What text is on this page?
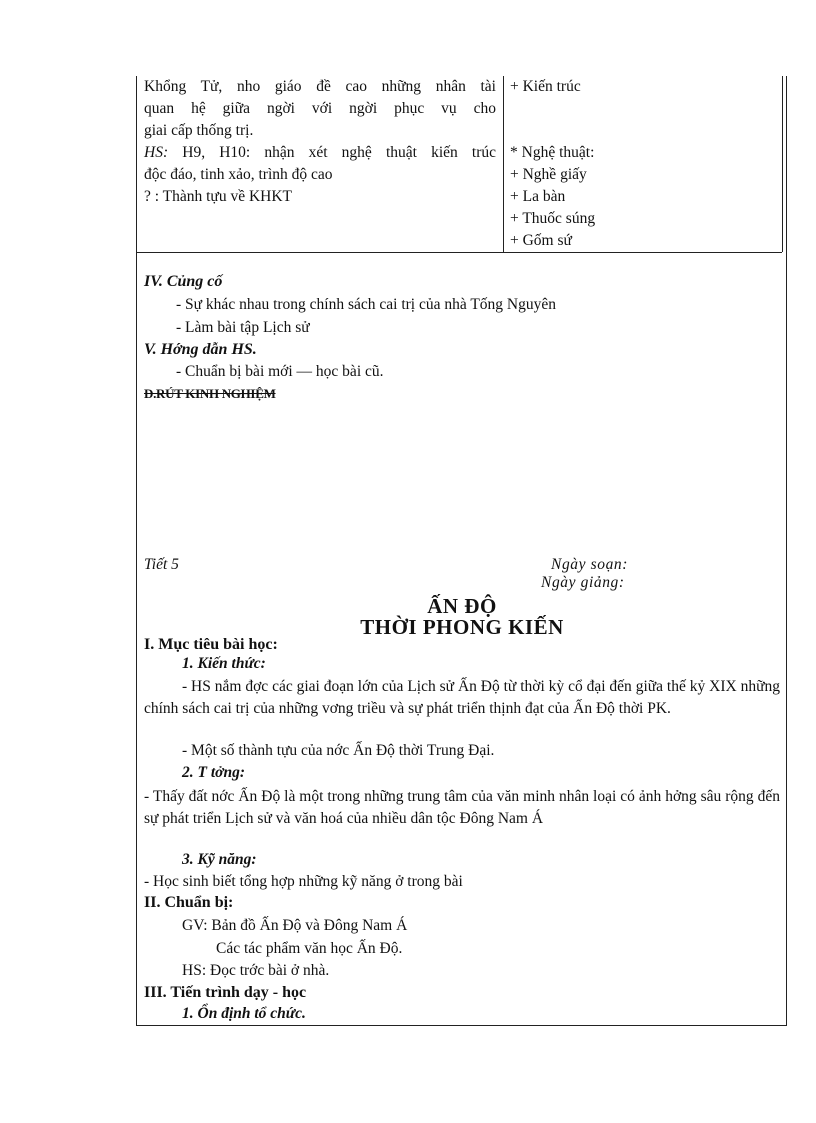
Khổng Tử, nho giáo đề cao những nhân tài
quan hệ giữa ngời với ngời phục vụ cho
giai cấp thống trị.
HS: H9, H10: nhận xét nghệ thuật kiến trúc
độc đáo, tinh xảo, trình độ cao
? : Thành tựu về KHKT
+ Kiến trúc
* Nghệ thuật:
+ Nghề giấy
+ La bàn
+ Thuốc súng
+ Gốm sứ
IV. Củng cố
- Sự khác nhau trong chính sách cai trị của nhà Tống Nguyên
- Làm bài tập Lịch sử
V. Hớng dẫn HS.
- Chuẩn bị bài mới — học bài cũ.
D.RÚT KINH NGHIỆM
Tiết 5	Ngày soạn:
Ngày giảng:
ẤN ĐỘ
THỜI PHONG KIẾN
I. Mục tiêu bài học:
1. Kiến thức:
- HS nắm đợc các giai đoạn lớn của Lịch sử Ấn Độ từ thời kỳ cổ đại đến giữa thế kỷ XIX những chính sách cai trị của những vơng triều và sự phát triển thịnh đạt của Ấn Độ thời PK.
- Một số thành tựu của nớc Ấn Độ thời Trung Đại.
2. T tởng:
- Thấy đất nớc Ấn Độ là một trong những trung tâm của văn minh nhân loại có ảnh hởng sâu rộng đến sự phát triển Lịch sử và văn hoá của nhiều dân tộc Đông Nam Á
3. Kỹ năng:
- Học sinh biết tổng hợp những kỹ năng ở trong bài
II. Chuẩn bị:
GV: Bản đồ Ấn Độ và Đông Nam Á
Các tác phẩm văn học Ấn Độ.
HS: Đọc trớc bài ở nhà.
III. Tiến trình dạy - học
1. Ổn định tổ chức.
